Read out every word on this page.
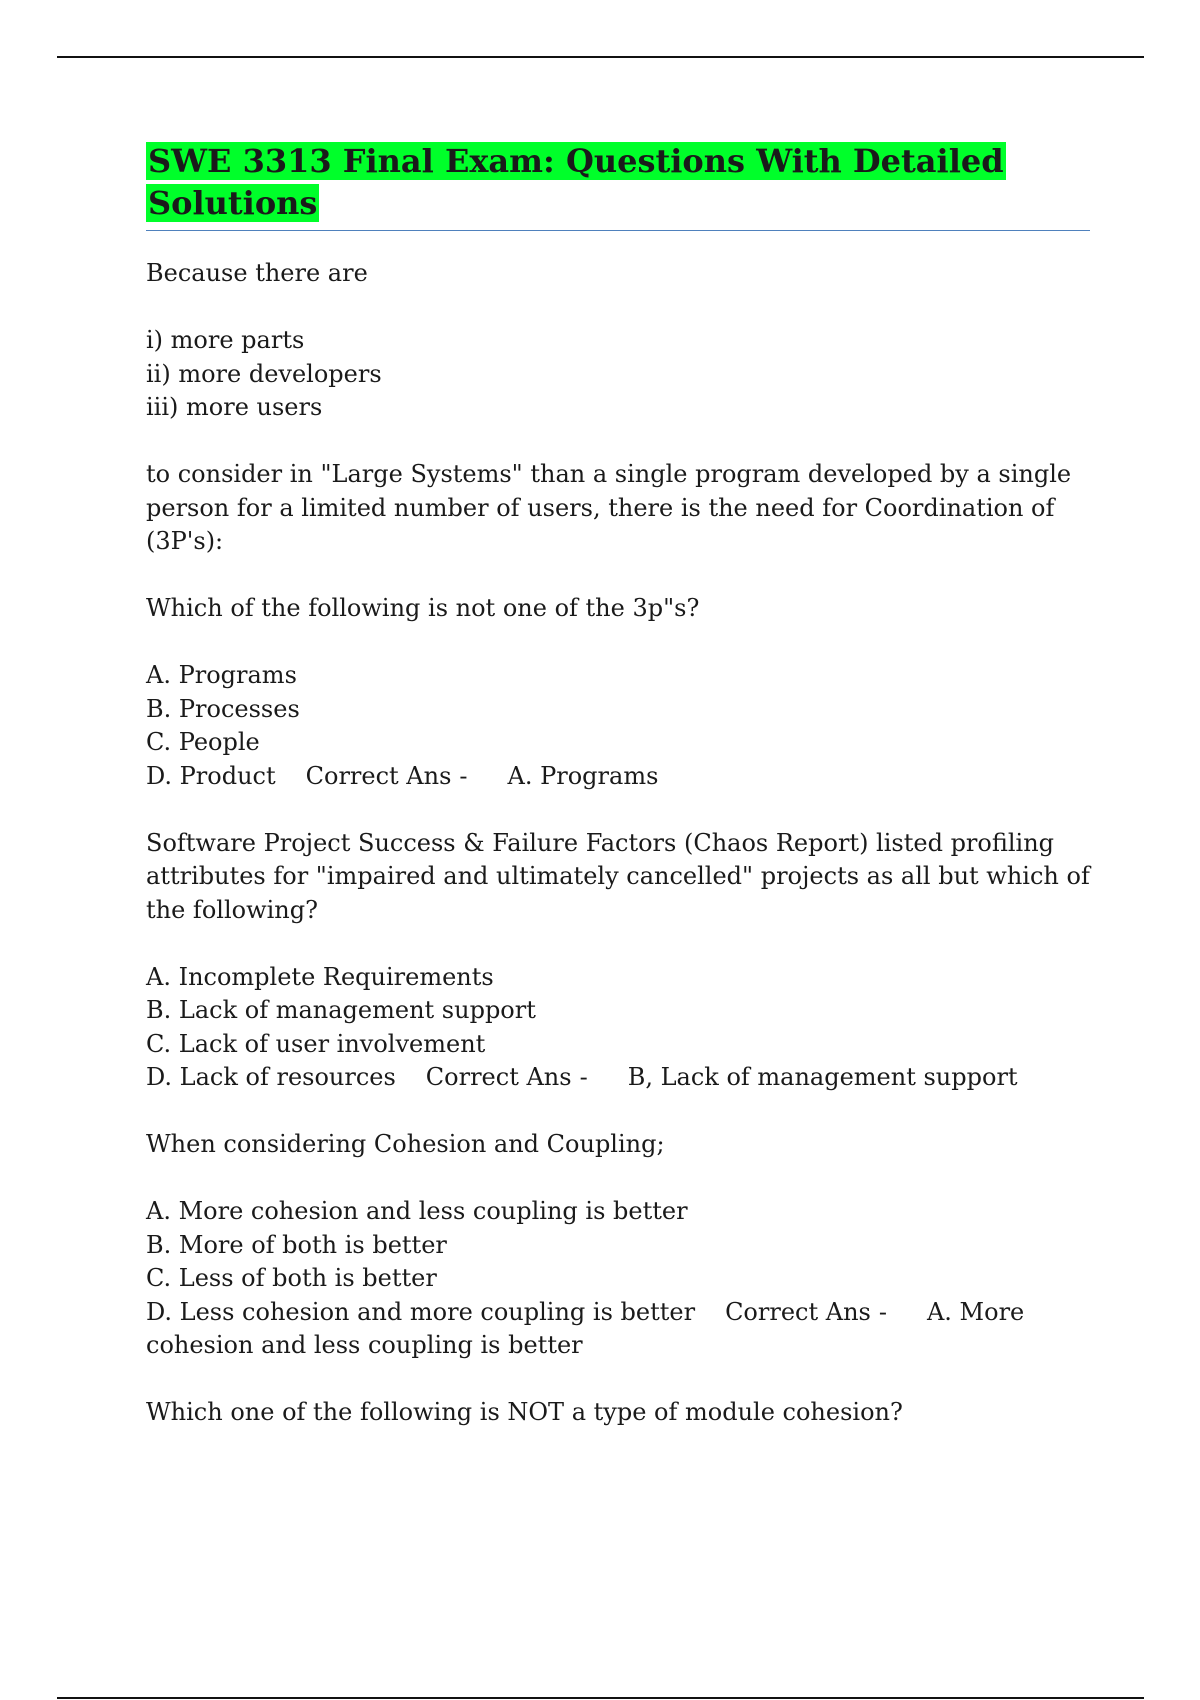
SWE 3313 Final Exam: Questions With Detailed Solutions

Because there are

i) more parts
ii) more developers
iii) more users

to consider in "Large Systems" than a single program developed by a single person for a limited number of users, there is the need for Coordination of (3P's):

Which of the following is not one of the 3p"s?

A. Programs
B. Processes
C. People
D. Product Correct Ans - A. Programs

Software Project Success & Failure Factors (Chaos Report) listed profiling attributes for "impaired and ultimately cancelled" projects as all but which of the following?

A. Incomplete Requirements
B. Lack of management support
C. Lack of user involvement
D. Lack of resources Correct Ans - B, Lack of management support

When considering Cohesion and Coupling;

A. More cohesion and less coupling is better
B. More of both is better
C. Less of both is better
D. Less cohesion and more coupling is better Correct Ans - A. More cohesion and less coupling is better

Which one of the following is NOT a type of module cohesion?
